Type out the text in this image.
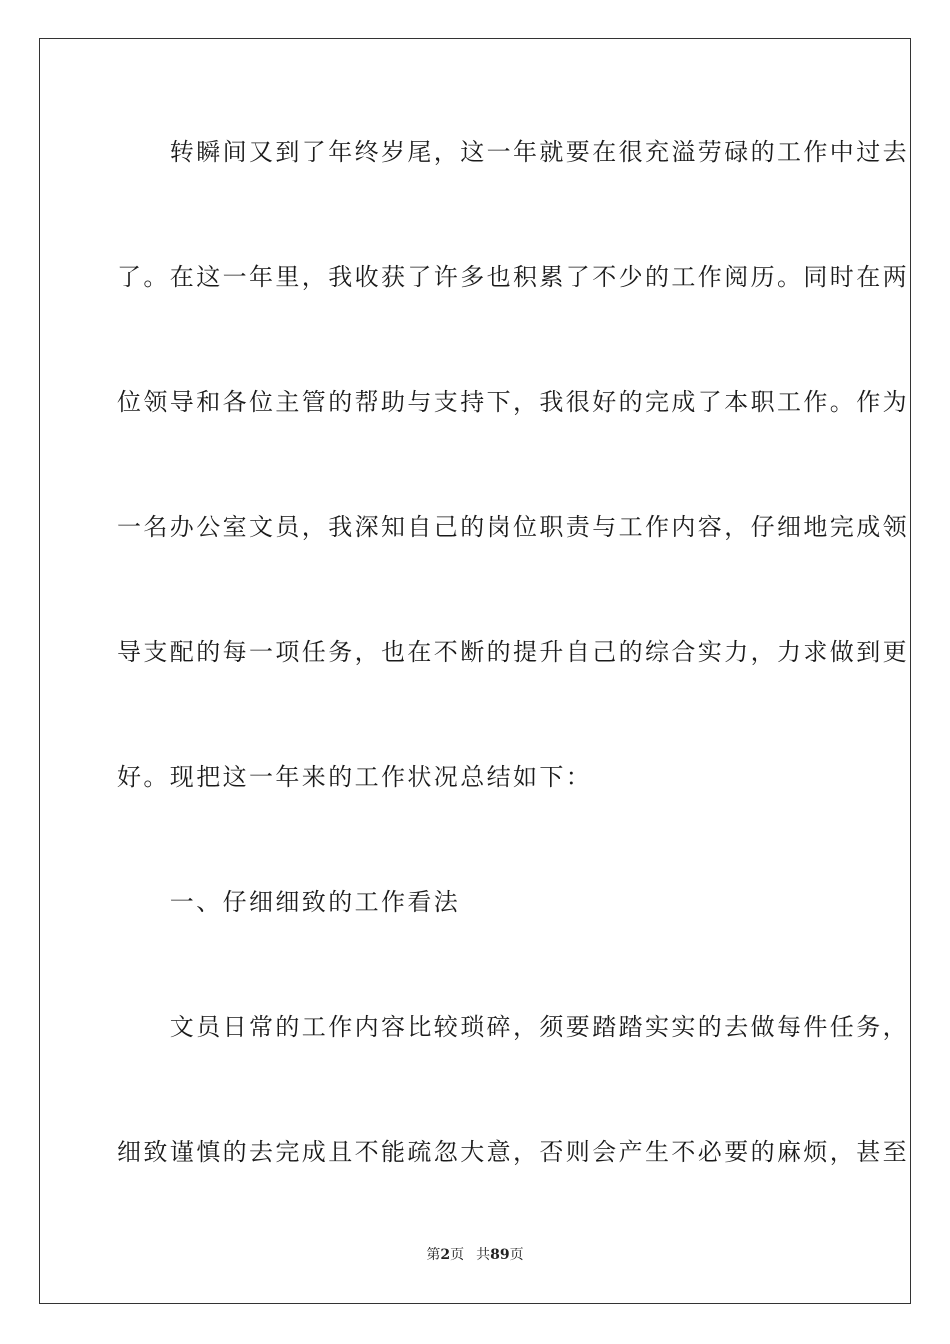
　　转瞬间又到了年终岁尾，这一年就要在很充溢劳碌的工作中过去
了。在这一年里，我收获了许多也积累了不少的工作阅历。同时在两
位领导和各位主管的帮助与支持下，我很好的完成了本职工作。作为
一名办公室文员，我深知自己的岗位职责与工作内容，仔细地完成领
导支配的每一项任务，也在不断的提升自己的综合实力，力求做到更
好。现把这一年来的工作状况总结如下：
　　一、仔细细致的工作看法
　　文员日常的工作内容比较琐碎，须要踏踏实实的去做每件任务，
细致谨慎的去完成且不能疏忽大意，否则会产生不必要的麻烦，甚至
第2页 共89页
